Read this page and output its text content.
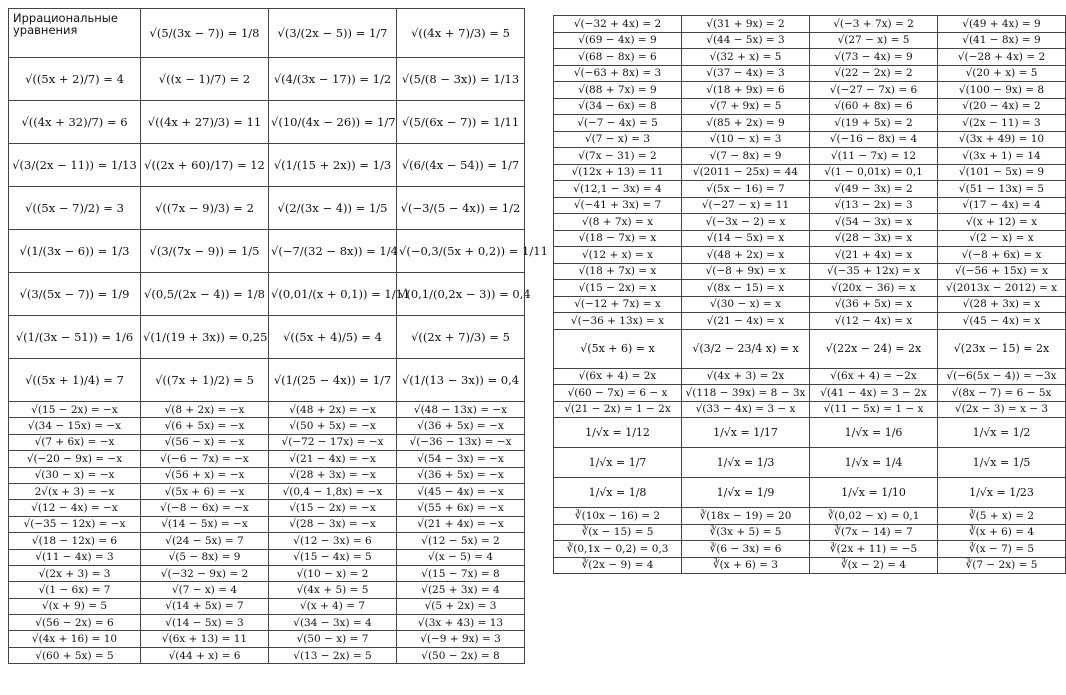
Иррациональные уравнения	√(5/(3x − 7)) = 1/8	√(3/(2x − 5)) = 1/7	√((4x + 7)/3) = 5
√((5x + 2)/7) = 4	√((x − 1)/7) = 2	√(4/(3x − 17)) = 1/2	√(5/(8 − 3x)) = 1/13
√((4x + 32)/7) = 6	√((4x + 27)/3) = 11	√(10/(4x − 26)) = 1/7	√(5/(6x − 7)) = 1/11
√(3/(2x − 11)) = 1/13	√((2x + 60)/17) = 12	√(1/(15 + 2x)) = 1/3	√(6/(4x − 54)) = 1/7
√((5x − 7)/2) = 3	√((7x − 9)/3) = 2	√(2/(3x − 4)) = 1/5	√(−3/(5 − 4x)) = 1/2
√(1/(3x − 6)) = 1/3	√(3/(7x − 9)) = 1/5	√(−7/(32 − 8x)) = 1/4	√(−0,3/(5x + 0,2)) = 1/11
√(3/(5x − 7)) = 1/9	√(0,5/(2x − 4)) = 1/8	√(0,01/(x + 0,1)) = 1/11	√(0,1/(0,2x − 3)) = 0,4
√(1/(3x − 51)) = 1/6	√(1/(19 + 3x)) = 0,25	√((5x + 4)/5) = 4	√((2x + 7)/3) = 5
√((5x + 1)/4) = 7	√((7x + 1)/2) = 5	√(1/(25 − 4x)) = 1/7	√(1/(13 − 3x)) = 0,4
√(15 − 2x) = −x	√(8 + 2x) = −x	√(48 + 2x) = −x	√(48 − 13x) = −x
√(34 − 15x) = −x	√(6 + 5x) = −x	√(50 + 5x) = −x	√(36 + 5x) = −x
√(7 + 6x) = −x	√(56 − x) = −x	√(−72 − 17x) = −x	√(−36 − 13x) = −x
√(−20 − 9x) = −x	√(−6 − 7x) = −x	√(21 − 4x) = −x	√(54 − 3x) = −x
√(30 − x) = −x	√(56 + x) = −x	√(28 + 3x) = −x	√(36 + 5x) = −x
2√(x + 3) = −x	√(5x + 6) = −x	√(0,4 − 1,8x) = −x	√(45 − 4x) = −x
√(12 − 4x) = −x	√(−8 − 6x) = −x	√(15 − 2x) = −x	√(55 + 6x) = −x
√(−35 − 12x) = −x	√(14 − 5x) = −x	√(28 − 3x) = −x	√(21 + 4x) = −x
√(18 − 12x) = 6	√(24 − 5x) = 7	√(12 − 3x) = 6	√(12 − 5x) = 2
√(11 − 4x) = 3	√(5 − 8x) = 9	√(15 − 4x) = 5	√(x − 5) = 4
√(2x + 3) = 3	√(−32 − 9x) = 2	√(10 − x) = 2	√(15 − 7x) = 8
√(1 − 6x) = 7	√(7 − x) = 4	√(4x + 5) = 5	√(25 + 3x) = 4
√(x + 9) = 5	√(14 + 5x) = 7	√(x + 4) = 7	√(5 + 2x) = 3
√(56 − 2x) = 6	√(14 − 5x) = 3	√(34 − 3x) = 4	√(3x + 43) = 13
√(4x + 16) = 10	√(6x + 13) = 11	√(50 − x) = 7	√(−9 + 9x) = 3
√(60 + 5x) = 5	√(44 + x) = 6	√(13 − 2x) = 5	√(50 − 2x) = 8
√(−32 + 4x) = 2	√(31 + 9x) = 2	√(−3 + 7x) = 2	√(49 + 4x) = 9
√(69 − 4x) = 9	√(44 − 5x) = 3	√(27 − x) = 5	√(41 − 8x) = 9
√(68 − 8x) = 6	√(32 + x) = 5	√(73 − 4x) = 9	√(−28 + 4x) = 2
√(−63 + 8x) = 3	√(37 − 4x) = 3	√(22 − 2x) = 2	√(20 + x) = 5
√(88 + 7x) = 9	√(18 + 9x) = 6	√(−27 − 7x) = 6	√(100 − 9x) = 8
√(34 − 6x) = 8	√(7 + 9x) = 5	√(60 + 8x) = 6	√(20 − 4x) = 2
√(−7 − 4x) = 5	√(85 + 2x) = 9	√(19 + 5x) = 2	√(2x − 11) = 3
√(7 − x) = 3	√(10 − x) = 3	√(−16 − 8x) = 4	√(3x + 49) = 10
√(7x − 31) = 2	√(7 − 8x) = 9	√(11 − 7x) = 12	√(3x + 1) = 14
√(12x + 13) = 11	√(2011 − 25x) = 44	√(1 − 0,01x) = 0,1	√(101 − 5x) = 9
√(12,1 − 3x) = 4	√(5x − 16) = 7	√(49 − 3x) = 2	√(51 − 13x) = 5
√(−41 + 3x) = 7	√(−27 − x) = 11	√(13 − 2x) = 3	√(17 − 4x) = 4
√(8 + 7x) = x	√(−3x − 2) = x	√(54 − 3x) = x	√(x + 12) = x
√(18 − 7x) = x	√(14 − 5x) = x	√(28 − 3x) = x	√(2 − x) = x
√(12 + x) = x	√(48 + 2x) = x	√(21 + 4x) = x	√(−8 + 6x) = x
√(18 + 7x) = x	√(−8 + 9x) = x	√(−35 + 12x) = x	√(−56 + 15x) = x
√(15 − 2x) = x	√(8x − 15) = x	√(20x − 36) = x	√(2013x − 2012) = x
√(−12 + 7x) = x	√(30 − x) = x	√(36 + 5x) = x	√(28 + 3x) = x
√(−36 + 13x) = x	√(21 − 4x) = x	√(12 − 4x) = x	√(45 − 4x) = x
√(5x + 6) = x	√(3/2 − 23/4 x) = x	√(22x − 24) = 2x	√(23x − 15) = 2x
√(6x + 4) = 2x	√(4x + 3) = 2x	√(6x + 4) = −2x	√(−6(5x − 4)) = −3x
√(60 − 7x) = 6 − x	√(118 − 39x) = 8 − 3x	√(41 − 4x) = 3 − 2x	√(8x − 7) = 6 − 5x
√(21 − 2x) = 1 − 2x	√(33 − 4x) = 3 − x	√(11 − 5x) = 1 − x	√(2x − 3) = x − 3
1/√x = 1/12	1/√x = 1/17	1/√x = 1/6	1/√x = 1/2
1/√x = 1/7	1/√x = 1/3	1/√x = 1/4	1/√x = 1/5
1/√x = 1/8	1/√x = 1/9	1/√x = 1/10	1/√x = 1/23
∛(10x − 16) = 2	∛(18x − 19) = 20	∛(0,02 − x) = 0,1	∛(5 + x) = 2
∛(x − 15) = 5	∛(3x + 5) = 5	∛(7x − 14) = 7	∛(x + 6) = 4
∛(0,1x − 0,2) = 0,3	∛(6 − 3x) = 6	∛(2x + 11) = −5	∛(x − 7) = 5
∛(2x − 9) = 4	∛(x + 6) = 3	∛(x − 2) = 4	∛(7 − 2x) = 5
